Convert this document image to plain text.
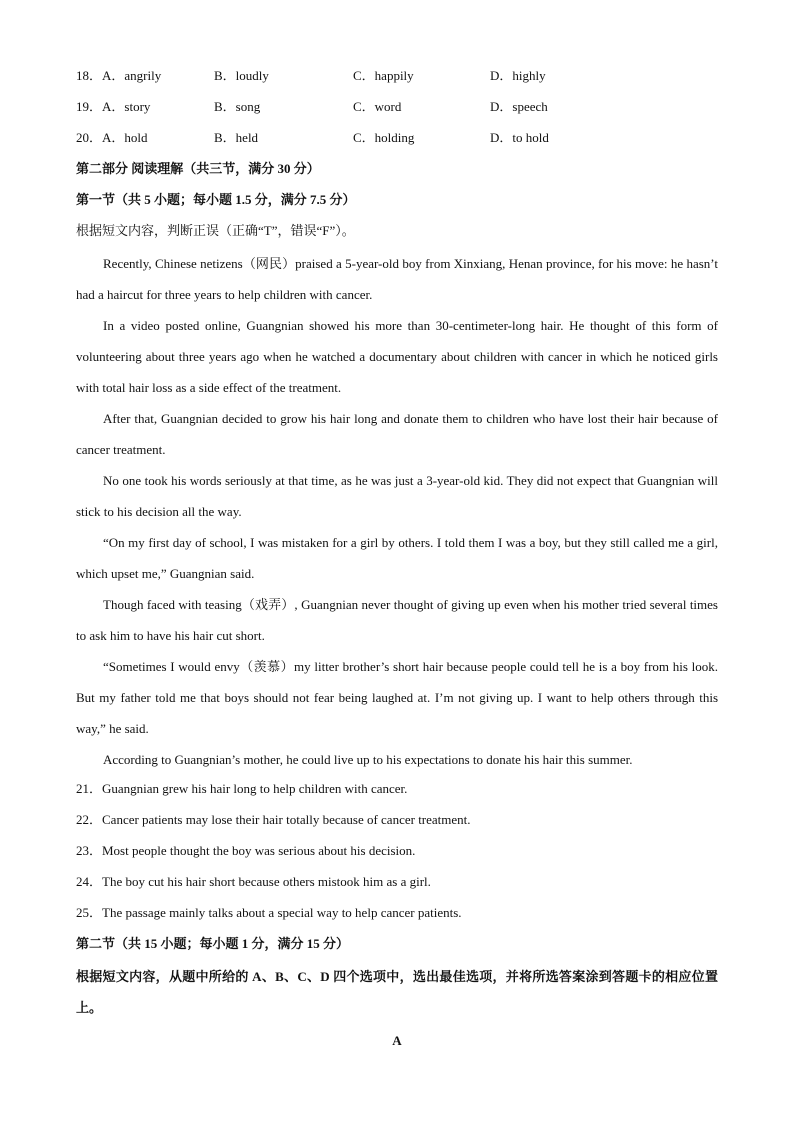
18．A．angrily	B．loudly	C．happily	D．highly
19．A．story	B．song	C．word	D．speech
20．A．hold	B．held	C．holding	D．to hold
第二部分 阅读理解（共三节，满分 30 分）
第一节（共 5 小题；每小题 1.5 分，满分 7.5 分）
根据短文内容，判断正误（正确“T”，错误“F”）。

Recently, Chinese netizens（网民）praised a 5-year-old boy from Xinxiang, Henan province, for his move: he hasn’t had a haircut for three years to help children with cancer.

In a video posted online, Guangnian showed his more than 30-centimeter-long hair. He thought of this form of volunteering about three years ago when he watched a documentary about children with cancer in which he noticed girls with total hair loss as a side effect of the treatment.

After that, Guangnian decided to grow his hair long and donate them to children who have lost their hair because of cancer treatment.

No one took his words seriously at that time, as he was just a 3-year-old kid. They did not expect that Guangnian will stick to his decision all the way.

“On my first day of school, I was mistaken for a girl by others. I told them I was a boy, but they still called me a girl, which upset me,” Guangnian said.

Though faced with teasing（戏弄）, Guangnian never thought of giving up even when his mother tried several times to ask him to have his hair cut short.

“Sometimes I would envy（羡慕）my litter brother’s short hair because people could tell he is a boy from his look. But my father told me that boys should not fear being laughed at. I’m not giving up. I want to help others through this way,” he said.

According to Guangnian’s mother, he could live up to his expectations to donate his hair this summer.

21．Guangnian grew his hair long to help children with cancer.
22．Cancer patients may lose their hair totally because of cancer treatment.
23．Most people thought the boy was serious about his decision.
24．The boy cut his hair short because others mistook him as a girl.
25．The passage mainly talks about a special way to help cancer patients.
第二节（共 15 小题；每小题 1 分，满分 15 分）

根据短文内容，从题中所给的 A、B、C、D 四个选项中，选出最佳选项，并将所选答案涂到答题卡的相应位置上。

A
